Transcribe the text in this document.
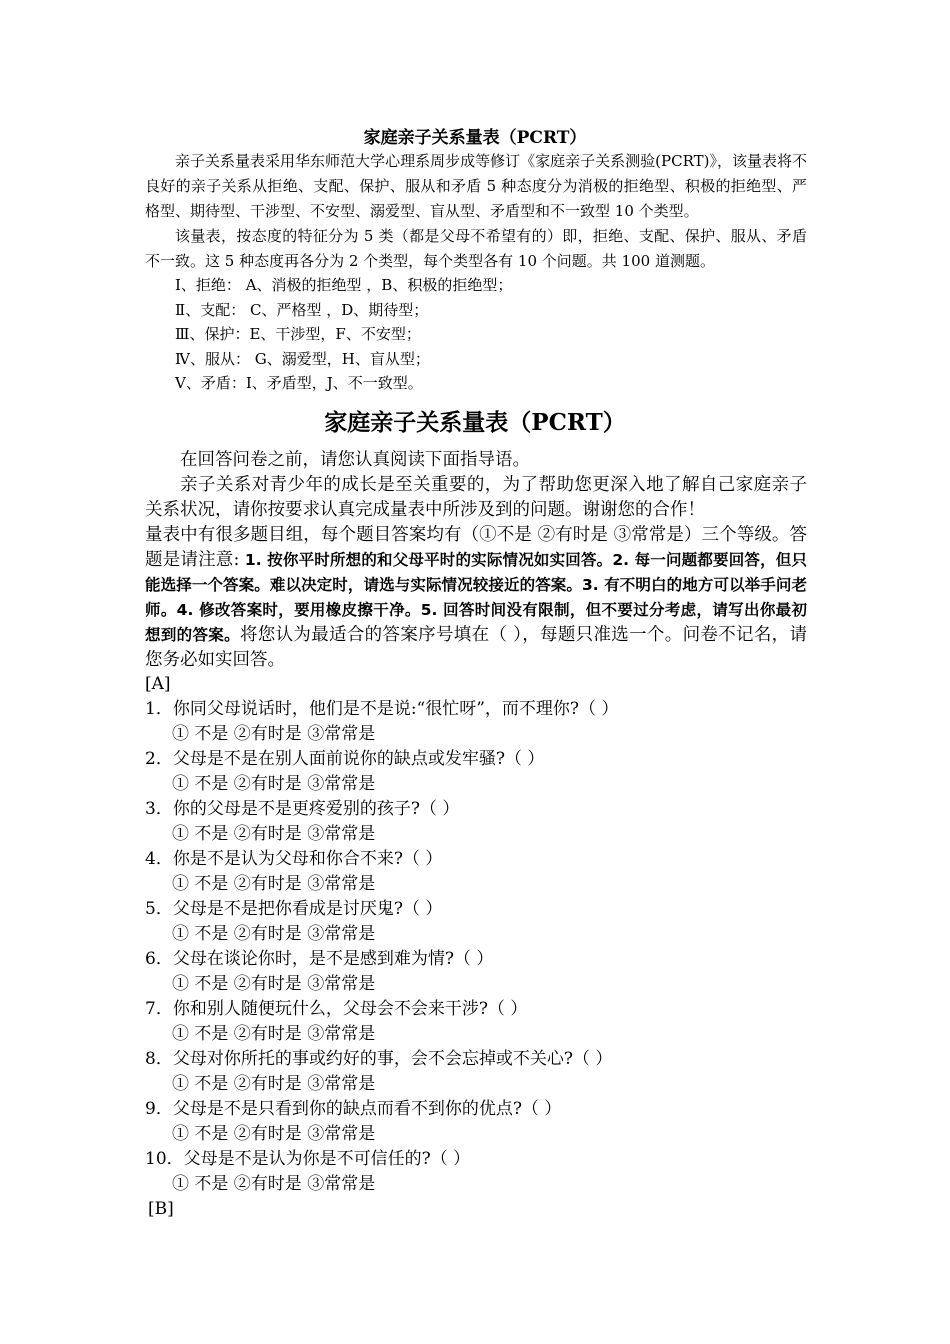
家庭亲子关系量表（PCRT）

亲子关系量表采用华东师范大学心理系周步成等修订《家庭亲子关系测验(PCRT)》，该量表将不良好的亲子关系从拒绝、支配、保护、服从和矛盾 5 种态度分为消极的拒绝型、积极的拒绝型、严格型、期待型、干涉型、不安型、溺爱型、盲从型、矛盾型和不一致型 10 个类型。

该量表，按态度的特征分为 5 类（都是父母不希望有的）即，拒绝、支配、保护、服从、矛盾不一致。这 5 种态度再各分为 2 个类型，每个类型各有 10 个问题。共 100 道测题。

Ⅰ、拒绝： A、消极的拒绝型 ，B、积极的拒绝型；
Ⅱ、支配： C、严格型 ，D、期待型；
Ⅲ、保护：E、干涉型，F、不安型；
Ⅳ、服从： G、溺爱型，H、盲从型；
Ⅴ、矛盾：I、矛盾型，J、不一致型。
家庭亲子关系量表（PCRT）
在回答问卷之前，请您认真阅读下面指导语。
亲子关系对青少年的成长是至关重要的，为了帮助您更深入地了解自己家庭亲子关系状况，请你按要求认真完成量表中所涉及到的问题。谢谢您的合作！
量表中有很多题目组，每个题目答案均有（①不是 ②有时是 ③常常是）三个等级。答题是请注意: 1. 按你平时所想的和父母平时的实际情况如实回答。2. 每一问题都要回答，但只能选择一个答案。难以决定时，请选与实际情况较接近的答案。3. 有不明白的地方可以举手问老师。4. 修改答案时，要用橡皮擦干净。5. 回答时间没有限制，但不要过分考虑，请写出你最初想到的答案。将您认为最适合的答案序号填在（ ），每题只准选一个。问卷不记名，请您务必如实回答。
[A]
1．你同父母说话时，他们是不是说:“很忙呀”，而不理你?（ ）
① 不是 ②有时是 ③常常是
2．父母是不是在别人面前说你的缺点或发牢骚?（ ）
① 不是 ②有时是 ③常常是
3．你的父母是不是更疼爱别的孩子?（ ）
① 不是 ②有时是 ③常常是
4．你是不是认为父母和你合不来?（ ）
① 不是 ②有时是 ③常常是
5．父母是不是把你看成是讨厌鬼?（ ）
① 不是 ②有时是 ③常常是
6．父母在谈论你时，是不是感到难为情?（ ）
① 不是 ②有时是 ③常常是
7．你和别人随便玩什么，父母会不会来干涉?（ ）
① 不是 ②有时是 ③常常是
8．父母对你所托的事或约好的事，会不会忘掉或不关心?（ ）
① 不是 ②有时是 ③常常是
9．父母是不是只看到你的缺点而看不到你的优点?（ ）
① 不是 ②有时是 ③常常是
10．父母是不是认为你是不可信任的?（ ）
① 不是 ②有时是 ③常常是
[B]
